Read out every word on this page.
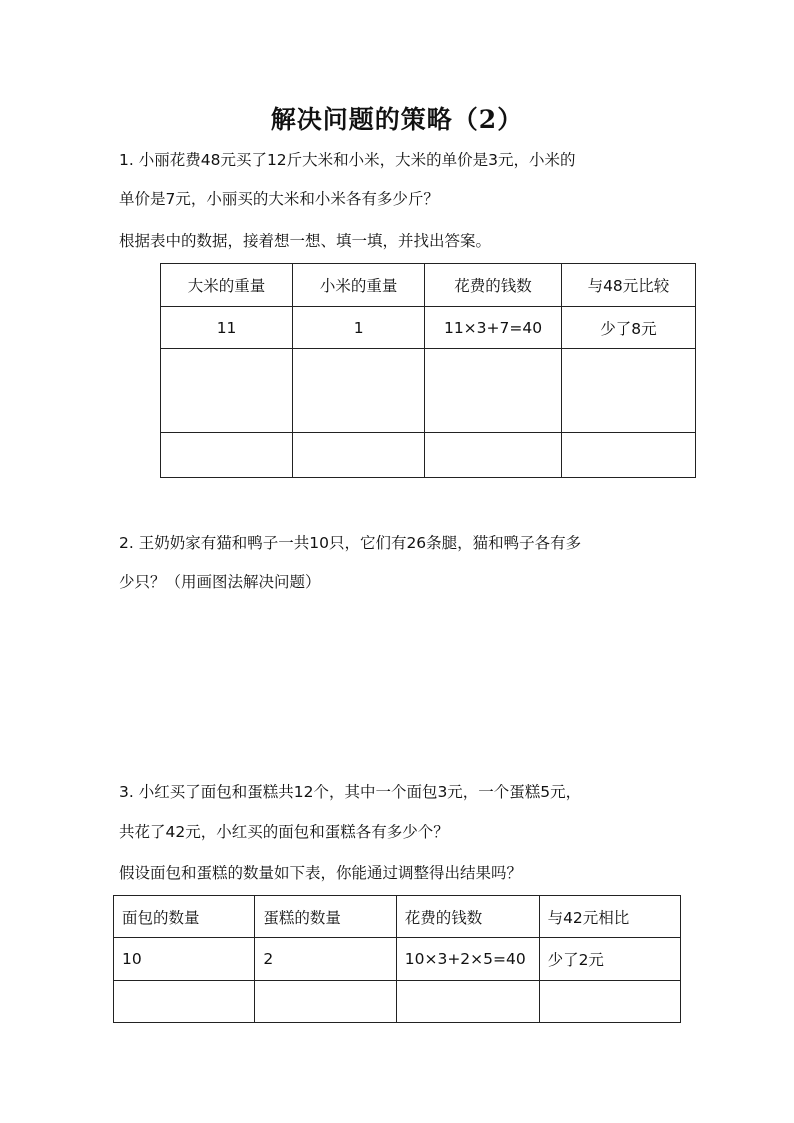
解决问题的策略（2）
1. 小丽花费48元买了12斤大米和小米，大米的单价是3元，小米的
单价是7元，小丽买的大米和小米各有多少斤？
根据表中的数据，接着想一想、填一填，并找出答案。
大米的重量	小米的重量	花费的钱数	与48元比较
11	1	11×3+7=40	少了8元

2. 王奶奶家有猫和鸭子一共10只，它们有26条腿，猫和鸭子各有多
少只？（用画图法解决问题）
3. 小红买了面包和蛋糕共12个，其中一个面包3元，一个蛋糕5元，
共花了42元，小红买的面包和蛋糕各有多少个？
假设面包和蛋糕的数量如下表，你能通过调整得出结果吗？
面包的数量	蛋糕的数量	花费的钱数	与42元相比
10	2	10×3+2×5=40	少了2元
